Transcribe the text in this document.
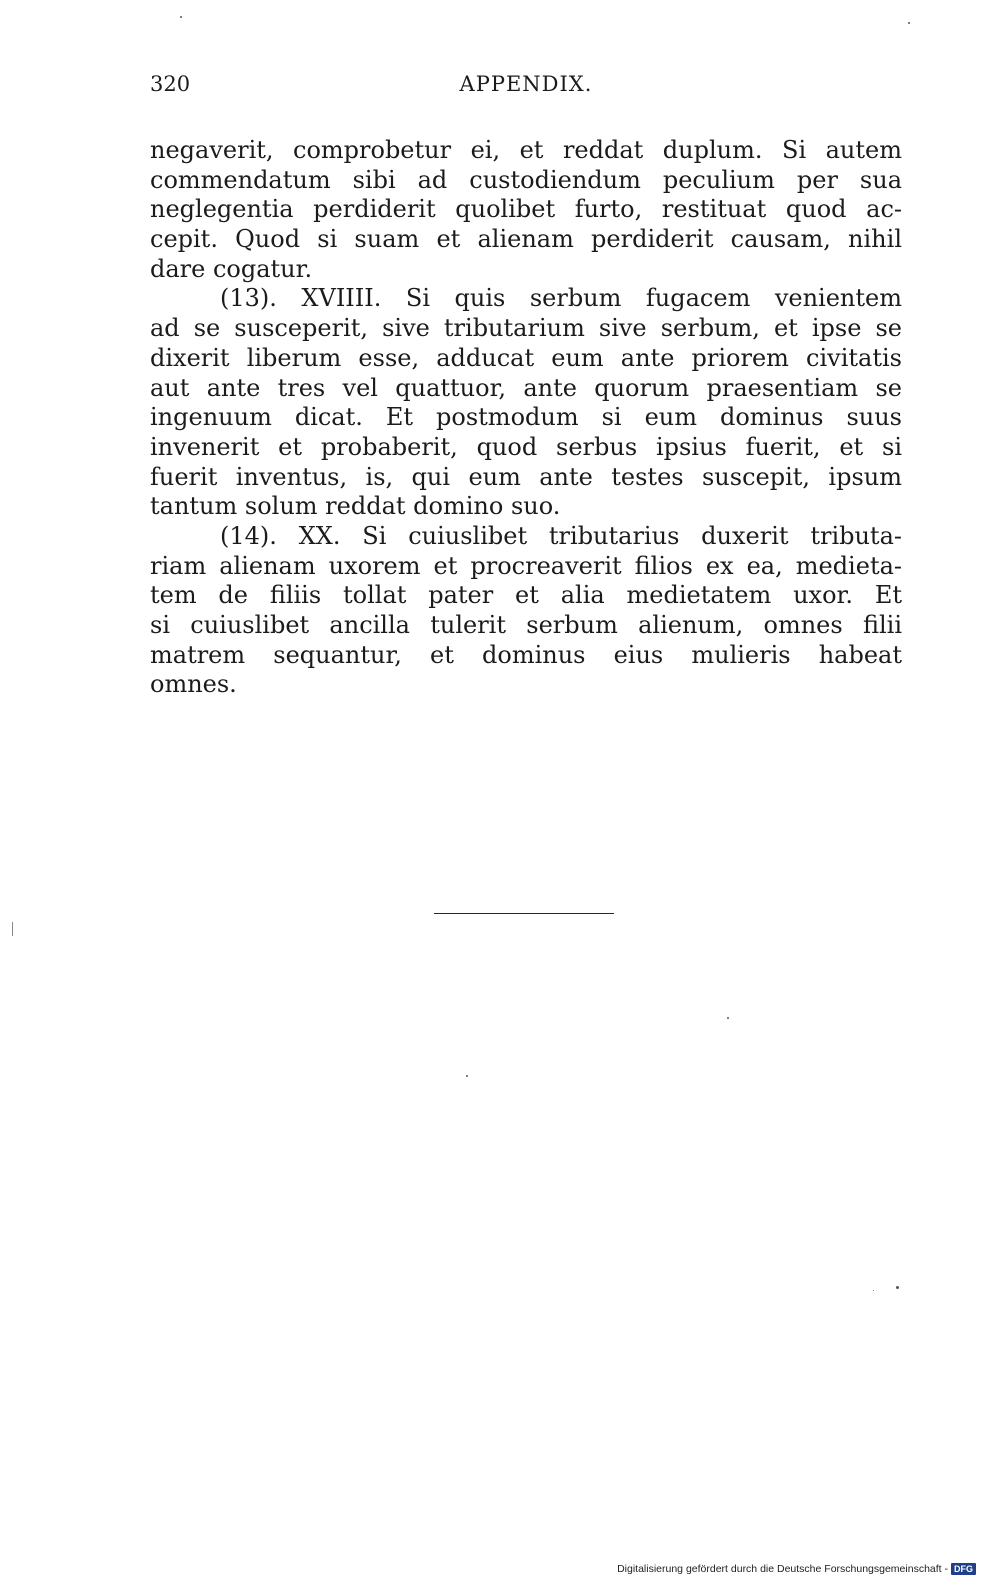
320	APPENDIX.
negaverit, comprobetur ei, et reddat duplum. Si autem
commendatum sibi ad custodiendum peculium per sua
neglegentia perdiderit quolibet furto, restituat quod ac-
cepit. Quod si suam et alienam perdiderit causam, nihil
dare cogatur.
(13). XVIIII. Si quis serbum fugacem venientem
ad se susceperit, sive tributarium sive serbum, et ipse se
dixerit liberum esse, adducat eum ante priorem civitatis
aut ante tres vel quattuor, ante quorum praesentiam se
ingenuum dicat. Et postmodum si eum dominus suus
invenerit et probaberit, quod serbus ipsius fuerit, et si
fuerit inventus, is, qui eum ante testes suscepit, ipsum
tantum solum reddat domino suo.
(14). XX. Si cuiuslibet tributarius duxerit tributa-
riam alienam uxorem et procreaverit filios ex ea, medieta-
tem de filiis tollat pater et alia medietatem uxor. Et
si cuiuslibet ancilla tulerit serbum alienum, omnes filii
matrem sequantur, et dominus eius mulieris habeat
omnes.
Digitalisierung gefördert durch die Deutsche Forschungsgemeinschaft - DFG
